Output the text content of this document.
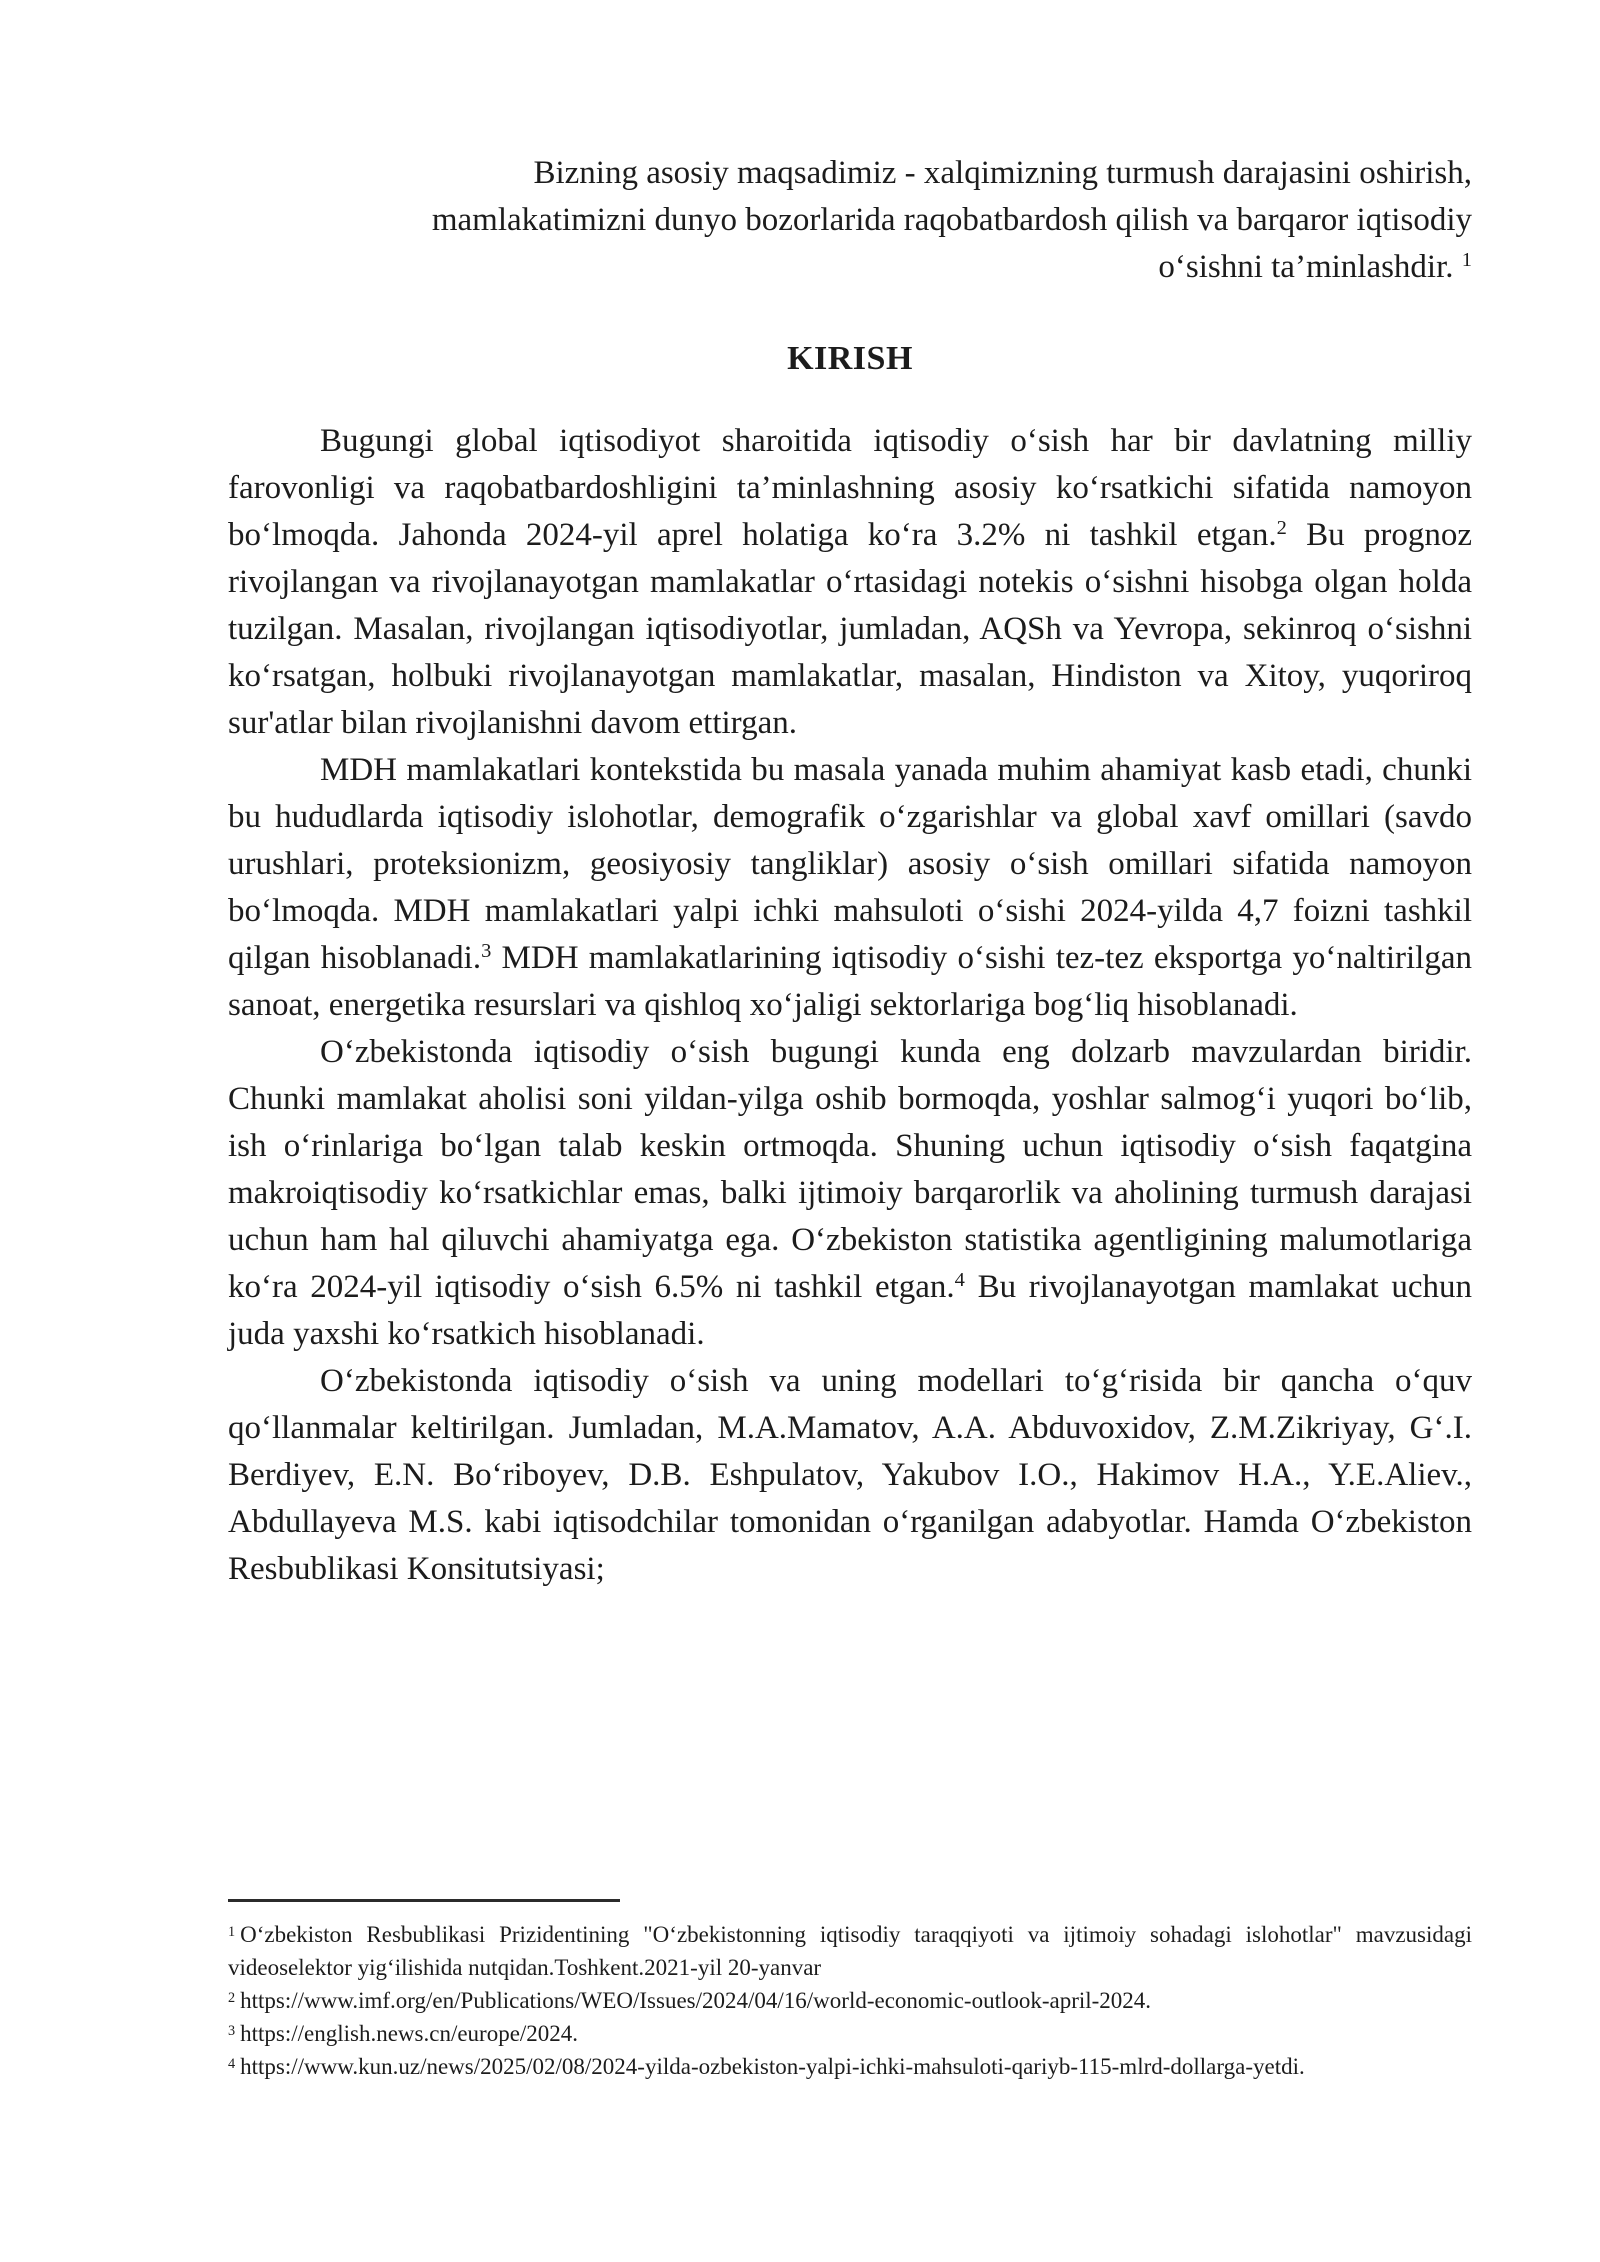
Bizning asosiy maqsadimiz - xalqimizning turmush darajasini oshirish,
mamlakatimizni dunyo bozorlarida raqobatbardosh qilish va barqaror iqtisodiy
o‘sishni ta’minlashdir. $^1$
KIRISH

Bugungi global iqtisodiyot sharoitida iqtisodiy o‘sish har bir davlatning milliy farovonligi va raqobatbardoshligini ta’minlashning asosiy ko‘rsatkichi sifatida namoyon bo‘lmoqda. Jahonda 2024-yil aprel holatiga ko‘ra 3.2% ni tashkil etgan.$^2$ Bu prognoz rivojlangan va rivojlanayotgan mamlakatlar o‘rtasidagi notekis o‘sishni hisobga olgan holda tuzilgan. Masalan, rivojlangan iqtisodiyotlar, jumladan, AQSh va Yevropa, sekinroq o‘sishni ko‘rsatgan, holbuki rivojlanayotgan mamlakatlar, masalan, Hindiston va Xitoy, yuqoriroq sur'atlar bilan rivojlanishni davom ettirgan.

MDH mamlakatlari kontekstida bu masala yanada muhim ahamiyat kasb etadi, chunki bu hududlarda iqtisodiy islohotlar, demografik o‘zgarishlar va global xavf omillari (savdo urushlari, proteksionizm, geosiyosiy tangliklar) asosiy o‘sish omillari sifatida namoyon bo‘lmoqda. MDH mamlakatlari yalpi ichki mahsuloti o‘sishi 2024-yilda 4,7 foizni tashkil qilgan hisoblanadi.$^3$ MDH mamlakatlarining iqtisodiy o‘sishi tez-tez eksportga yo‘naltirilgan sanoat, energetika resurslari va qishloq xo‘jaligi sektorlariga bog‘liq hisoblanadi.

O‘zbekistonda iqtisodiy o‘sish bugungi kunda eng dolzarb mavzulardan biridir. Chunki mamlakat aholisi soni yildan-yilga oshib bormoqda, yoshlar salmog‘i yuqori bo‘lib, ish o‘rinlariga bo‘lgan talab keskin ortmoqda. Shuning uchun iqtisodiy o‘sish faqatgina makroiqtisodiy ko‘rsatkichlar emas, balki ijtimoiy barqarorlik va aholining turmush darajasi uchun ham hal qiluvchi ahamiyatga ega. O‘zbekiston statistika agentligining malumotlariga ko‘ra 2024-yil iqtisodiy o‘sish 6.5% ni tashkil etgan.$^4$ Bu rivojlanayotgan mamlakat uchun juda yaxshi ko‘rsatkich hisoblanadi.

O‘zbekistonda iqtisodiy o‘sish va uning modellari to‘g‘risida bir qancha o‘quv qo‘llanmalar keltirilgan. Jumladan, M.A.Mamatov, A.A. Abduvoxidov, Z.M.Zikriyay, G‘.I. Berdiyev, E.N. Bo‘riboyev, D.B. Eshpulatov, Yakubov I.O., Hakimov H.A., Y.E.Aliev., Abdullayeva M.S. kabi iqtisodchilar tomonidan o‘rganilgan adabyotlar. Hamda O‘zbekiston Resbublikasi Konsitutsiyasi;

$^1$ O‘zbekiston Resbublikasi Prizidentining "O‘zbekistonning iqtisodiy taraqqiyoti va ijtimoiy sohadagi islohotlar" mavzusidagi videoselektor yig‘ilishida nutqidan.Toshkent.2021-yil 20-yanvar
$^2$ https://www.imf.org/en/Publications/WEO/Issues/2024/04/16/world-economic-outlook-april-2024.
$^3$ https://english.news.cn/europe/2024.
$^4$ https://www.kun.uz/news/2025/02/08/2024-yilda-ozbekiston-yalpi-ichki-mahsuloti-qariyb-115-mlrd-dollarga-yetdi.
